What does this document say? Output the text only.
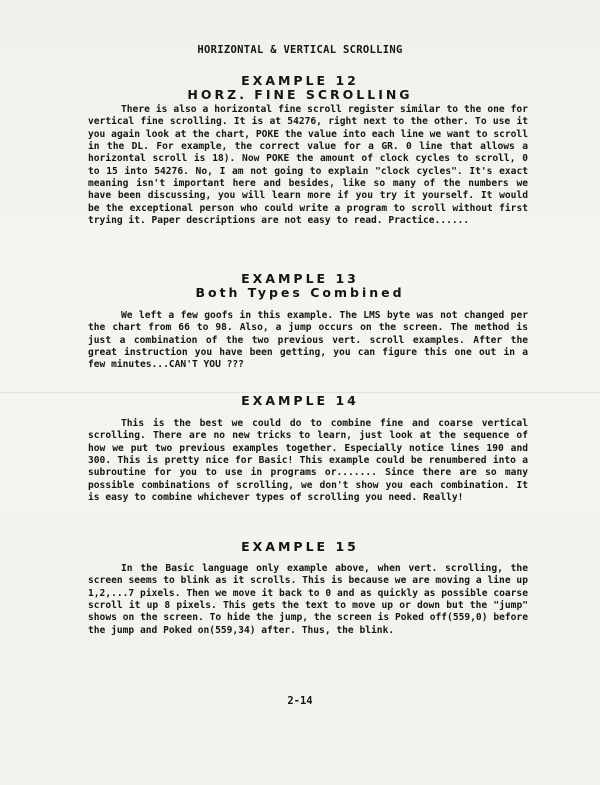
HORIZONTAL & VERTICAL SCROLLING
EXAMPLE 12
HORZ. FINE SCROLLING

There is also a horizontal fine scroll register similar to the one for vertical fine scrolling. It is at 54276, right next to the other. To use it you again look at the chart, POKE the value into each line we want to scroll in the DL. For example, the correct value for a GR. 0 line that allows a horizontal scroll is 18). Now POKE the amount of clock cycles to scroll, 0 to 15 into 54276. No, I am not going to explain "clock cycles". It's exact meaning isn't important here and besides, like so many of the numbers we have been discussing, you will learn more if you try it yourself. It would be the exceptional person who could write a program to scroll without first trying it. Paper descriptions are not easy to read. Practice......

EXAMPLE 13
Both Types Combined

We left a few goofs in this example. The LMS byte was not changed per the chart from 66 to 98. Also, a jump occurs on the screen. The method is just a combination of the two previous vert. scroll examples. After the great instruction you have been getting, you can figure this one out in a few minutes...CAN'T YOU ???

EXAMPLE 14

This is the best we could do to combine fine and coarse vertical scrolling. There are no new tricks to learn, just look at the sequence of how we put two previous examples together. Especially notice lines 190 and 300. This is pretty nice for Basic! This example could be renumbered into a subroutine for you to use in programs or....... Since there are so many possible combinations of scrolling, we don't show you each combination. It is easy to combine whichever types of scrolling you need. Really!

EXAMPLE 15

In the Basic language only example above, when vert. scrolling, the screen seems to blink as it scrolls. This is because we are moving a line up 1,2,...7 pixels. Then we move it back to 0 and as quickly as possible coarse scroll it up 8 pixels. This gets the text to move up or down but the "jump" shows on the screen. To hide the jump, the screen is Poked off(559,0) before the jump and Poked on(559,34) after. Thus, the blink.

2-14
